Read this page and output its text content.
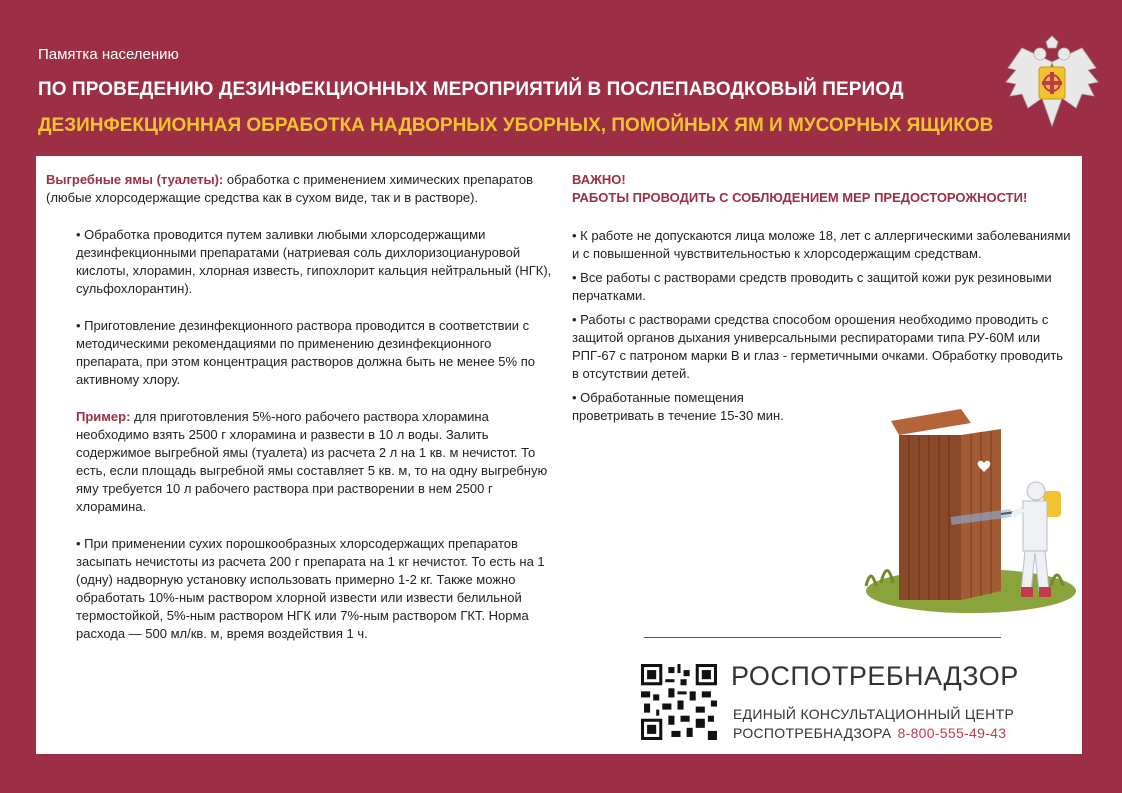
Памятка населению
ПО ПРОВЕДЕНИЮ ДЕЗИНФЕКЦИОННЫХ МЕРОПРИЯТИЙ В ПОСЛЕПАВОДКОВЫЙ ПЕРИОД
ДЕЗИНФЕКЦИОННАЯ ОБРАБОТКА НАДВОРНЫХ УБОРНЫХ, ПОМОЙНЫХ ЯМ И МУСОРНЫХ ЯЩИКОВ

Выгребные ямы (туалеты): обработка с применением химических препаратов (любые хлорсодержащие средства как в сухом виде, так и в растворе).

• Обработка проводится путем заливки любыми хлорсодержащими дезинфекционными препаратами (натриевая соль дихлоризоциануровой кислоты, хлорамин, хлорная известь, гипохлорит кальция нейтральный (НГК), сульфохлорантин).

• Приготовление дезинфекционного раствора проводится в соответствии с методическими рекомендациями по применению дезинфекционного препарата, при этом концентрация растворов должна быть не менее 5% по активному хлору.

Пример: для приготовления 5%-ного рабочего раствора хлорамина необходимо взять 2500 г хлорамина и развести в 10 л воды. Залить содержимое выгребной ямы (туалета) из расчета 2 л на 1 кв. м нечистот. То есть, если площадь выгребной ямы составляет 5 кв. м, то на одну выгребную яму требуется 10 л рабочего раствора при растворении в нем 2500 г хлорамина.

• При применении сухих порошкообразных хлорсодержащих препаратов засыпать нечистоты из расчета 200 г препарата на 1 кг нечистот. То есть на 1 (одну) надворную установку использовать примерно 1-2 кг. Также можно обработать 10%-ным раствором хлорной извести или извести белильной термостойкой, 5%-ным раствором НГК или 7%-ным раствором ГКТ. Норма расхода — 500 мл/кв. м, время воздействия 1 ч.

ВАЖНО!
РАБОТЫ ПРОВОДИТЬ С СОБЛЮДЕНИЕМ МЕР ПРЕДОСТОРОЖНОСТИ!

• К работе не допускаются лица моложе 18, лет с аллергическими заболеваниями и с повышенной чувствительностью к хлорсодержащим средствам.

• Все работы с растворами средств проводить с защитой кожи рук резиновыми перчатками.

• Работы с растворами средства способом орошения необходимо проводить с защитой органов дыхания универсальными респираторами типа РУ-60М или РПГ-67 с патроном марки В и глаз - герметичными очками. Обработку проводить в отсутствии детей.

• Обработанные помещения
проветривать в течение 15-30 мин.

РОСПОТРЕБНАДЗОР
ЕДИНЫЙ КОНСУЛЬТАЦИОННЫЙ ЦЕНТР
РОСПОТРЕБНАДЗОРА 8-800-555-49-43
